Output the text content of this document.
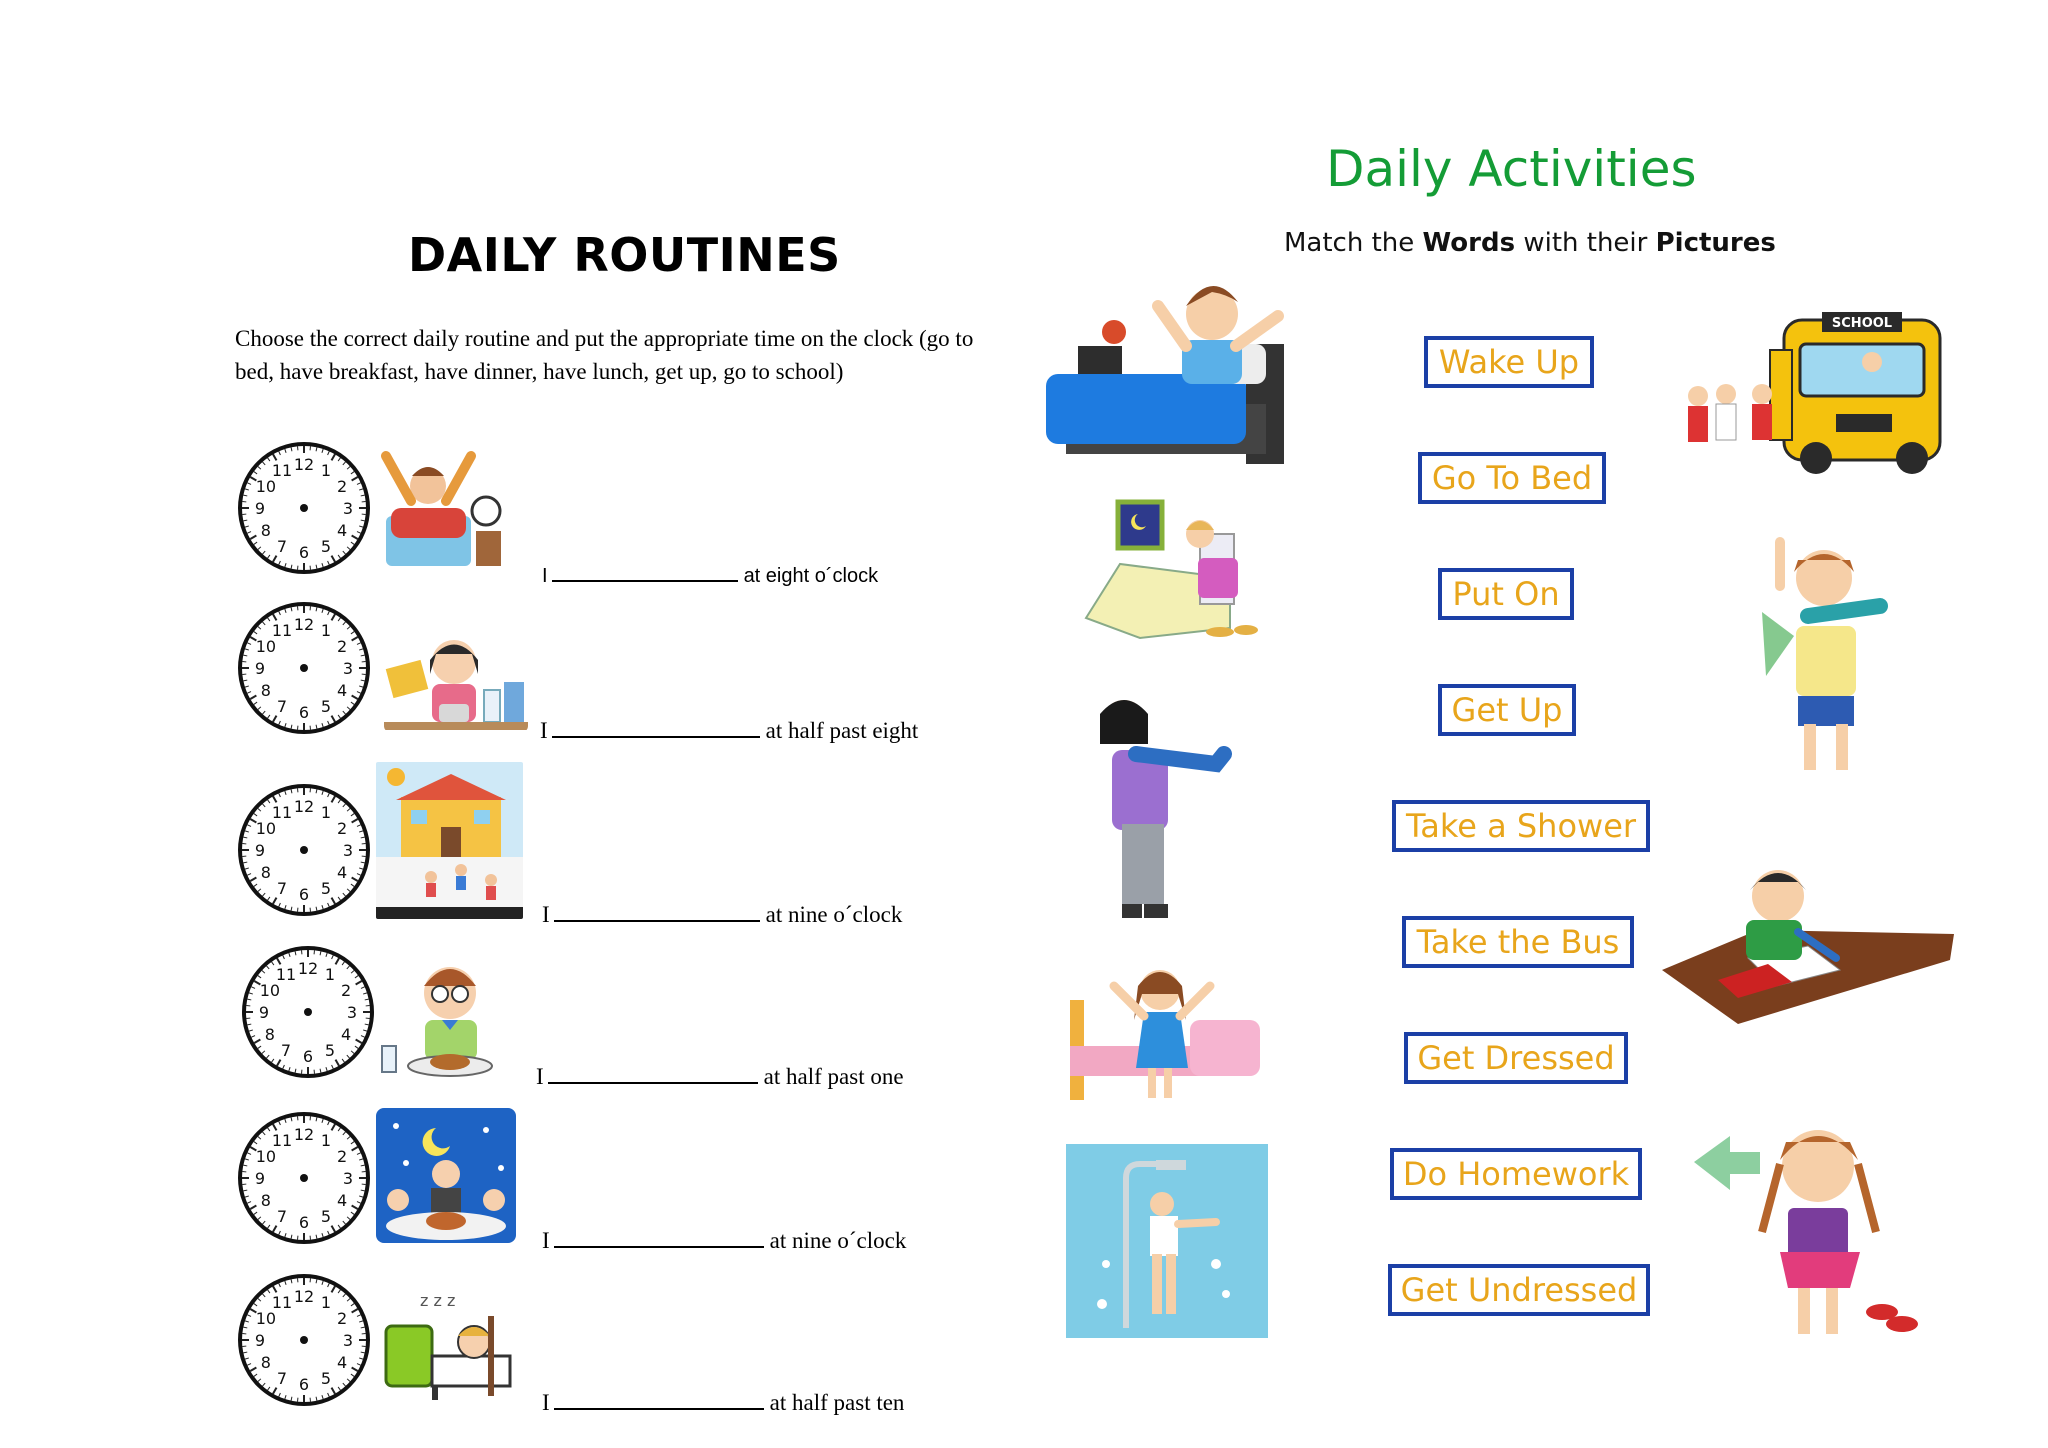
DAILY ROUTINES
Choose the correct daily routine and put the appropriate time on the clock (go to bed, have breakfast, have dinner, have lunch, get up, go to school)
12 1
2
3
4
5
6
7
8
9
10
11
12 1
2
3
4
5
6
7
8
9
10
11
12 1
2
3
4
5
6
7
8
9
10
11
12 1
2
3
4
5
6
7
8
9
10
11
12 1
2
3
4
5
6
7
8
9
10
11
12 1
2
3
4
5
6
7
8
9
10
11	z z z
I	at eight o´clock
I	at half past eight
I	at nine o´clock
I	at half past one
I	at nine o´clock
I	at half past ten
Daily Activities
Match the Words with their Pictures
Wake Up
Go To Bed
Put On
Get Up
Take a Shower
Take the Bus
Get Dressed
Do Homework
Get Undressed
SCHOOL
